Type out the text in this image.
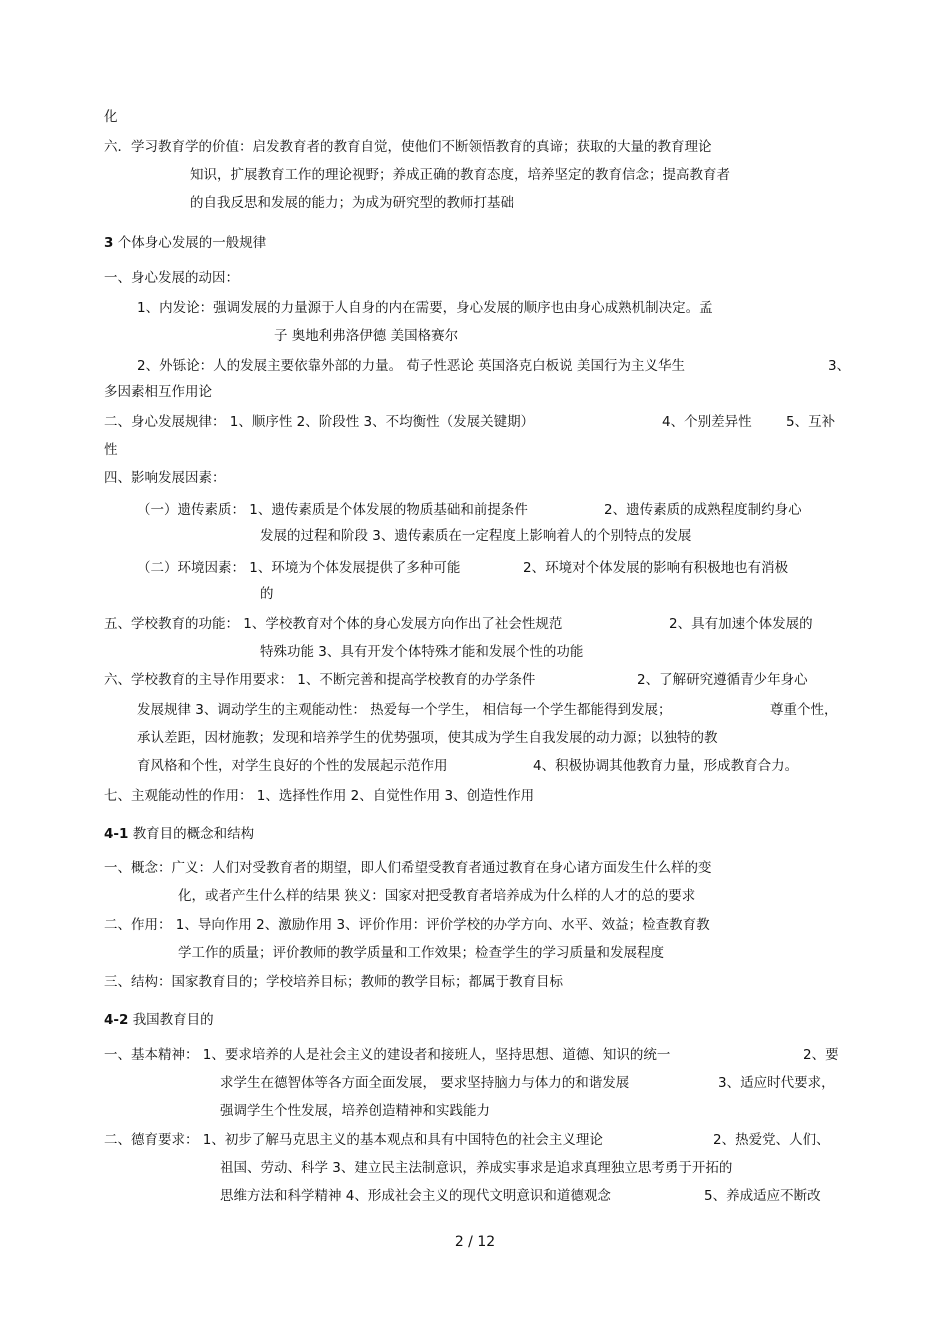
化

六．学习教育学的价值：启发教育者的教育自觉，使他们不断领悟教育的真谛；获取的大量的教育理论

知识，扩展教育工作的理论视野；养成正确的教育态度，培养坚定的教育信念；提高教育者

的自我反思和发展的能力；为成为研究型的教师打基础

3 个体身心发展的一般规律

一、身心发展的动因：

1、内发论：强调发展的力量源于人自身的内在需要，身心发展的顺序也由身心成熟机制决定。孟

子 奥地利弗洛伊德 美国格赛尔

2、外铄论：人的发展主要依靠外部的力量。 荀子性恶论 英国洛克白板说 美国行为主义华生	3、

多因素相互作用论

二、身心发展规律： 1、顺序性 2、阶段性 3、不均衡性（发展关键期）	4、个别差异性	5、互补

性

四、影响发展因素：

（一）遗传素质： 1、遗传素质是个体发展的物质基础和前提条件	2、遗传素质的成熟程度制约身心

发展的过程和阶段 3、遗传素质在一定程度上影响着人的个别特点的发展

（二）环境因素： 1、环境为个体发展提供了多种可能	2、环境对个体发展的影响有积极地也有消极

的

五、学校教育的功能： 1、学校教育对个体的身心发展方向作出了社会性规范	2、具有加速个体发展的

特殊功能 3、具有开发个体特殊才能和发展个性的功能

六、学校教育的主导作用要求： 1、不断完善和提高学校教育的办学条件	2、了解研究遵循青少年身心

发展规律 3、调动学生的主观能动性： 热爱每一个学生， 相信每一个学生都能得到发展；	尊重个性，

承认差距，因材施教；发现和培养学生的优势强项，使其成为学生自我发展的动力源；以独特的教

育风格和个性，对学生良好的个性的发展起示范作用	4、积极协调其他教育力量，形成教育合力。

七、主观能动性的作用： 1、选择性作用 2、自觉性作用 3、创造性作用

4-1 教育目的概念和结构

一、概念：广义：人们对受教育者的期望，即人们希望受教育者通过教育在身心诸方面发生什么样的变

化，或者产生什么样的结果 狭义：国家对把受教育者培养成为什么样的人才的总的要求

二、作用： 1、导向作用 2、激励作用 3、评价作用：评价学校的办学方向、水平、效益；检查教育教

学工作的质量；评价教师的教学质量和工作效果；检查学生的学习质量和发展程度

三、结构：国家教育目的；学校培养目标；教师的教学目标；都属于教育目标

4-2 我国教育目的

一、基本精神： 1、要求培养的人是社会主义的建设者和接班人，坚持思想、道德、知识的统一	2、要

求学生在德智体等各方面全面发展， 要求坚持脑力与体力的和谐发展	3、适应时代要求，

强调学生个性发展，培养创造精神和实践能力

二、德育要求： 1、初步了解马克思主义的基本观点和具有中国特色的社会主义理论	2、热爱党、人们、

祖国、劳动、科学 3、建立民主法制意识，养成实事求是追求真理独立思考勇于开拓的

思维方法和科学精神 4、形成社会主义的现代文明意识和道德观念	5、养成适应不断改

2 / 12
